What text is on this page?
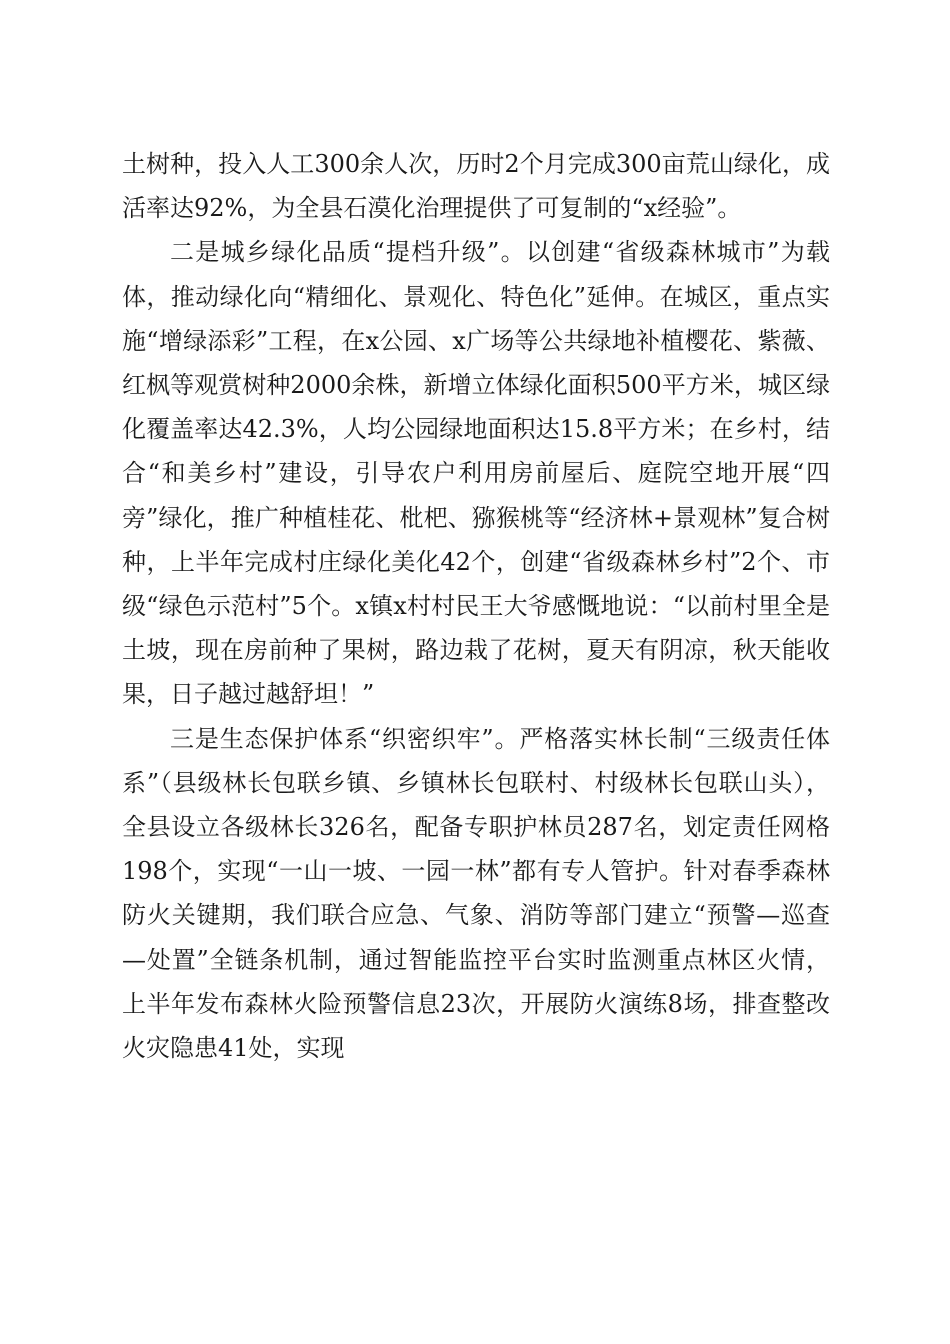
土树种，投入人工300余人次，历时2个月完成300亩荒山绿化，成活率达92%，为全县石漠化治理提供了可复制的“x经验”。

二是城乡绿化品质“提档升级”。以创建“省级森林城市”为载体，推动绿化向“精细化、景观化、特色化”延伸。在城区，重点实施“增绿添彩”工程，在x公园、x广场等公共绿地补植樱花、紫薇、红枫等观赏树种2000余株，新增立体绿化面积500平方米，城区绿化覆盖率达42.3%，人均公园绿地面积达15.8平方米；在乡村，结合“和美乡村”建设，引导农户利用房前屋后、庭院空地开展“四旁”绿化，推广种植桂花、枇杷、猕猴桃等“经济林+景观林”复合树种，上半年完成村庄绿化美化42个，创建“省级森林乡村”2个、市级“绿色示范村”5个。x镇x村村民王大爷感慨地说：“以前村里全是土坡，现在房前种了果树，路边栽了花树，夏天有阴凉，秋天能收果，日子越过越舒坦！”

三是生态保护体系“织密织牢”。严格落实林长制“三级责任体系”（县级林长包联乡镇、乡镇林长包联村、村级林长包联山头），全县设立各级林长326名，配备专职护林员287名，划定责任网格198个，实现“一山一坡、一园一林”都有专人管护。针对春季森林防火关键期，我们联合应急、气象、消防等部门建立“预警—巡查—处置”全链条机制，通过智能监控平台实时监测重点林区火情，上半年发布森林火险预警信息23次，开展防火演练8场，排查整改火灾隐患41处，实现
